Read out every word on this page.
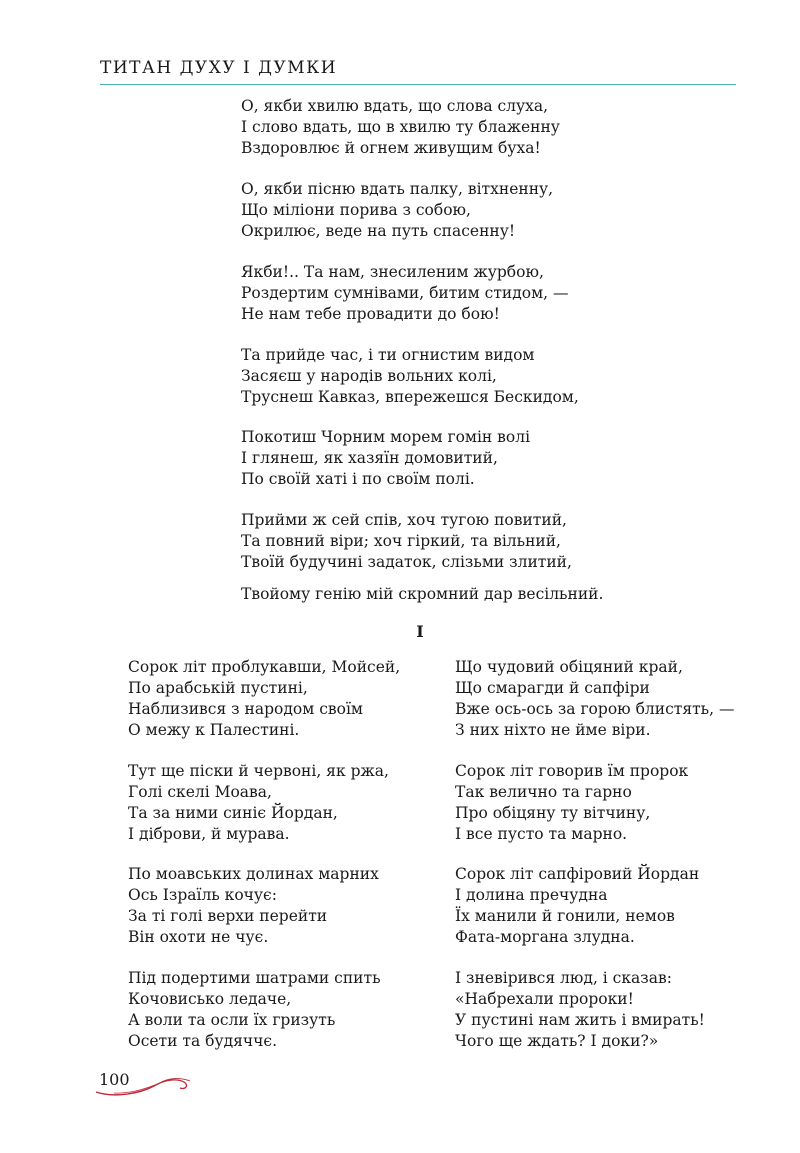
ТИТАН ДУХУ І ДУМКИ
О, якби хвилю вдать, що слова слуха,
І слово вдать, що в хвилю ту блаженну
Вздоровлює й огнем живущим буха!
О, якби пісню вдать палку, вітхненну,
Що міліони порива з собою,
Окрилює, веде на путь спасенну!
Якби!.. Та нам, знесиленим журбою,
Роздертим сумнівами, битим стидом, —
Не нам тебе провадити до бою!
Та прийде час, і ти огнистим видом
Засяєш у народів вольних колі,
Труснеш Кавказ, впережешся Бескидом,
Покотиш Чорним морем гомін волі
І глянеш, як хазяїн домовитий,
По своїй хаті і по своїм полі.
Прийми ж сей спів, хоч тугою повитий,
Та повний віри; хоч гіркий, та вільний,
Твоїй будучині задаток, слізьми злитий,
Твойому генію мій скромний дар весільний.
I
Сорок літ проблукавши, Мойсей,
По арабській пустині,
Наблизився з народом своїм
О межу к Палестині.
Тут ще піски й червоні, як ржа,
Голі скелі Моава,
Та за ними синіє Йордан,
І діброви, й мурава.
По моавських долинах марних
Ось Ізраїль кочує:
За ті голі верхи перейти
Він охоти не чує.
Під подертими шатрами спить
Кочовисько ледаче,
А воли та осли їх гризуть
Осети та будяччє.
Що чудовий обіцяний край,
Що смарагди й сапфіри
Вже ось-ось за горою блистять, —
З них ніхто не йме віри.
Сорок літ говорив їм пророк
Так велично та гарно
Про обіцяну ту вітчину,
І все пусто та марно.
Сорок літ сапфіровий Йордан
І долина пречудна
Їх манили й гонили, немов
Фата-моргана злудна.
І зневірився люд, і сказав:
«Набрехали пророки!
У пустині нам жить і вмирать!
Чого ще ждать? І доки?»
100
